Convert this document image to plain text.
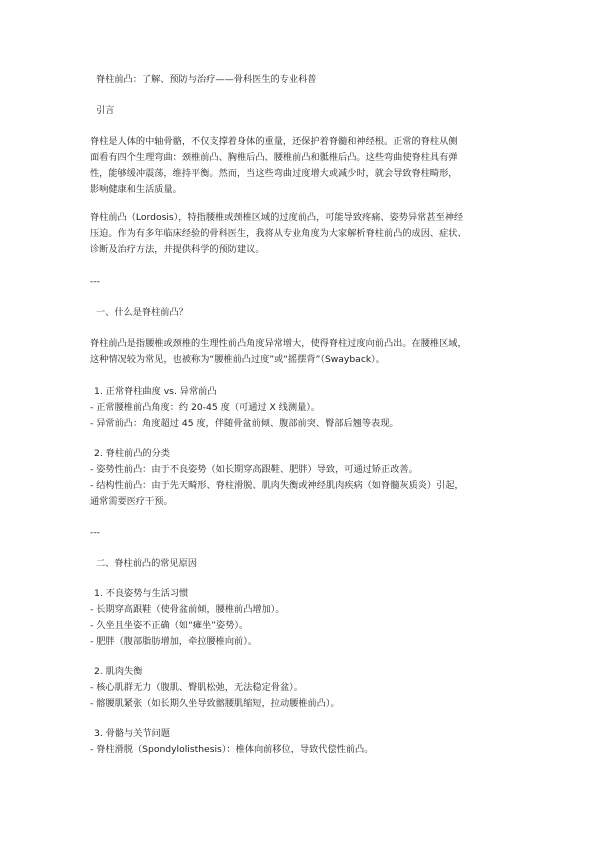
脊柱前凸：了解、预防与治疗——骨科医生的专业科普
引言
脊柱是人体的中轴骨骼，不仅支撑着身体的重量，还保护着脊髓和神经根。正常的脊柱从侧
面看有四个生理弯曲：颈椎前凸、胸椎后凸、腰椎前凸和骶椎后凸。这些弯曲使脊柱具有弹
性，能够缓冲震荡，维持平衡。然而，当这些弯曲过度增大或减少时，就会导致脊柱畸形，
影响健康和生活质量。
脊柱前凸（Lordosis），特指腰椎或颈椎区域的过度前凸，可能导致疼痛、姿势异常甚至神经
压迫。作为有多年临床经验的骨科医生，我将从专业角度为大家解析脊柱前凸的成因、症状、
诊断及治疗方法，并提供科学的预防建议。
---
一、什么是脊柱前凸？
脊柱前凸是指腰椎或颈椎的生理性前凸角度异常增大，使得脊柱过度向前凸出。在腰椎区域，
这种情况较为常见，也被称为“腰椎前凸过度”或“摇摆背”（Swayback）。
1. 正常脊柱曲度 vs. 异常前凸
- 正常腰椎前凸角度：约 20-45 度（可通过 X 线测量）。
- 异常前凸：角度超过 45 度，伴随骨盆前倾、腹部前突、臀部后翘等表现。
2. 脊柱前凸的分类
- 姿势性前凸：由于不良姿势（如长期穿高跟鞋、肥胖）导致，可通过矫正改善。
- 结构性前凸：由于先天畸形、脊柱滑脱、肌肉失衡或神经肌肉疾病（如脊髓灰质炎）引起，
通常需要医疗干预。
---
二、脊柱前凸的常见原因
1. 不良姿势与生活习惯
- 长期穿高跟鞋（使骨盆前倾，腰椎前凸增加）。
- 久坐且坐姿不正确（如“瘫坐”姿势）。
- 肥胖（腹部脂肪增加，牵拉腰椎向前）。
2. 肌肉失衡
- 核心肌群无力（腹肌、臀肌松弛，无法稳定骨盆）。
- 髂腰肌紧张（如长期久坐导致髂腰肌缩短，拉动腰椎前凸）。
3. 骨骼与关节问题
- 脊柱滑脱（Spondylolisthesis）：椎体向前移位，导致代偿性前凸。
